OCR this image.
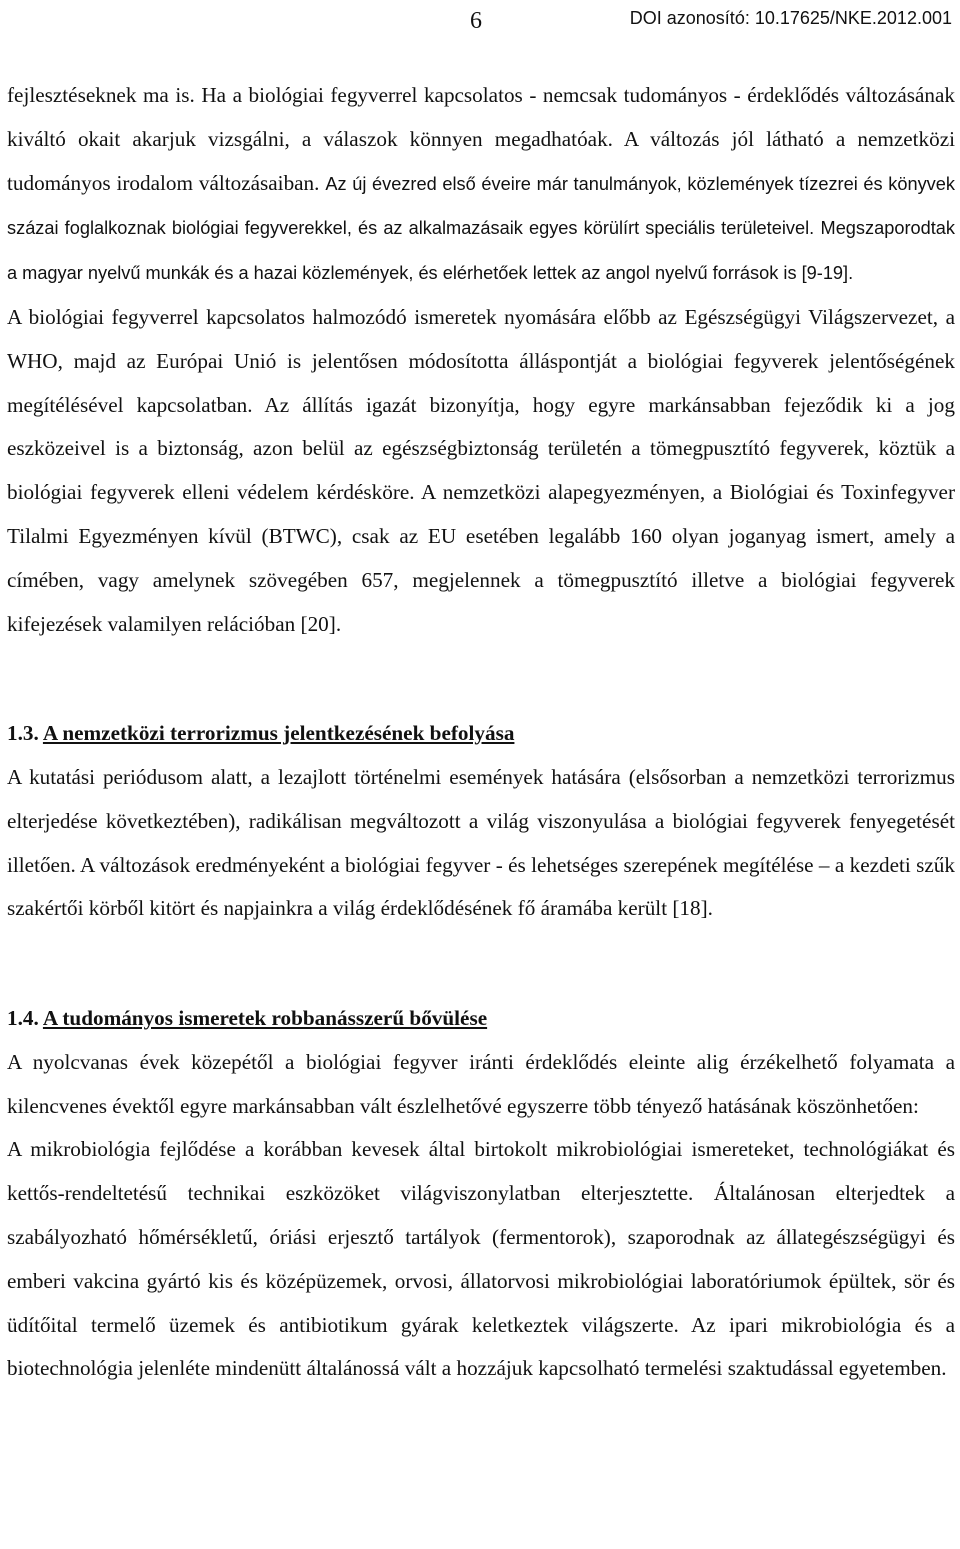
6	DOI azonosító: 10.17625/NKE.2012.001

fejlesztéseknek ma is. Ha a biológiai fegyverrel kapcsolatos - nemcsak tudományos - érdeklődés változásának kiváltó okait akarjuk vizsgálni, a válaszok könnyen megadhatóak. A változás jól látható a nemzetközi tudományos irodalom változásaiban. Az új évezred első éveire már tanulmányok, közlemények tízezrei és könyvek százai foglalkoznak biológiai fegyverekkel, és az alkalmazásaik egyes körülírt speciális területeivel. Megszaporodtak a magyar nyelvű munkák és a hazai közlemények, és elérhetőek lettek az angol nyelvű források is [9-19].

A biológiai fegyverrel kapcsolatos halmozódó ismeretek nyomására előbb az Egészségügyi Világszervezet, a WHO, majd az Európai Unió is jelentősen módosította álláspontját a biológiai fegyverek jelentőségének megítélésével kapcsolatban. Az állítás igazát bizonyítja, hogy egyre markánsabban fejeződik ki a jog eszközeivel is a biztonság, azon belül az egészségbiztonság területén a tömegpusztító fegyverek, köztük a biológiai fegyverek elleni védelem kérdésköre. A nemzetközi alapegyezményen, a Biológiai és Toxinfegyver Tilalmi Egyezményen kívül (BTWC), csak az EU esetében legalább 160 olyan joganyag ismert, amely a címében, vagy amelynek szövegében 657, megjelennek a tömegpusztító illetve a biológiai fegyverek kifejezések valamilyen relációban [20].

1.3. A nemzetközi terrorizmus jelentkezésének befolyása

A kutatási periódusom alatt, a lezajlott történelmi események hatására (elsősorban a nemzetközi terrorizmus elterjedése következtében), radikálisan megváltozott a világ viszonyulása a biológiai fegyverek fenyegetését illetően. A változások eredményeként a biológiai fegyver - és lehetséges szerepének megítélése – a kezdeti szűk szakértői körből kitört és napjainkra a világ érdeklődésének fő áramába került [18].

1.4. A tudományos ismeretek robbanásszerű bővülése

A nyolcvanas évek közepétől a biológiai fegyver iránti érdeklődés eleinte alig érzékelhető folyamata a kilencvenes évektől egyre markánsabban vált észlelhetővé egyszerre több tényező hatásának köszönhetően:

A mikrobiológia fejlődése a korábban kevesek által birtokolt mikrobiológiai ismereteket, technológiákat és kettős-rendeltetésű technikai eszközöket világviszonylatban elterjesztette. Általánosan elterjedtek a szabályozható hőmérsékletű, óriási erjesztő tartályok (fermentorok), szaporodnak az állategészségügyi és emberi vakcina gyártó kis és középüzemek, orvosi, állatorvosi mikrobiológiai laboratóriumok épültek, sör és üdítőital termelő üzemek és antibiotikum gyárak keletkeztek világszerte. Az ipari mikrobiológia és a biotechnológia jelenléte mindenütt általánossá vált a hozzájuk kapcsolható termelési szaktudással egyetemben.
